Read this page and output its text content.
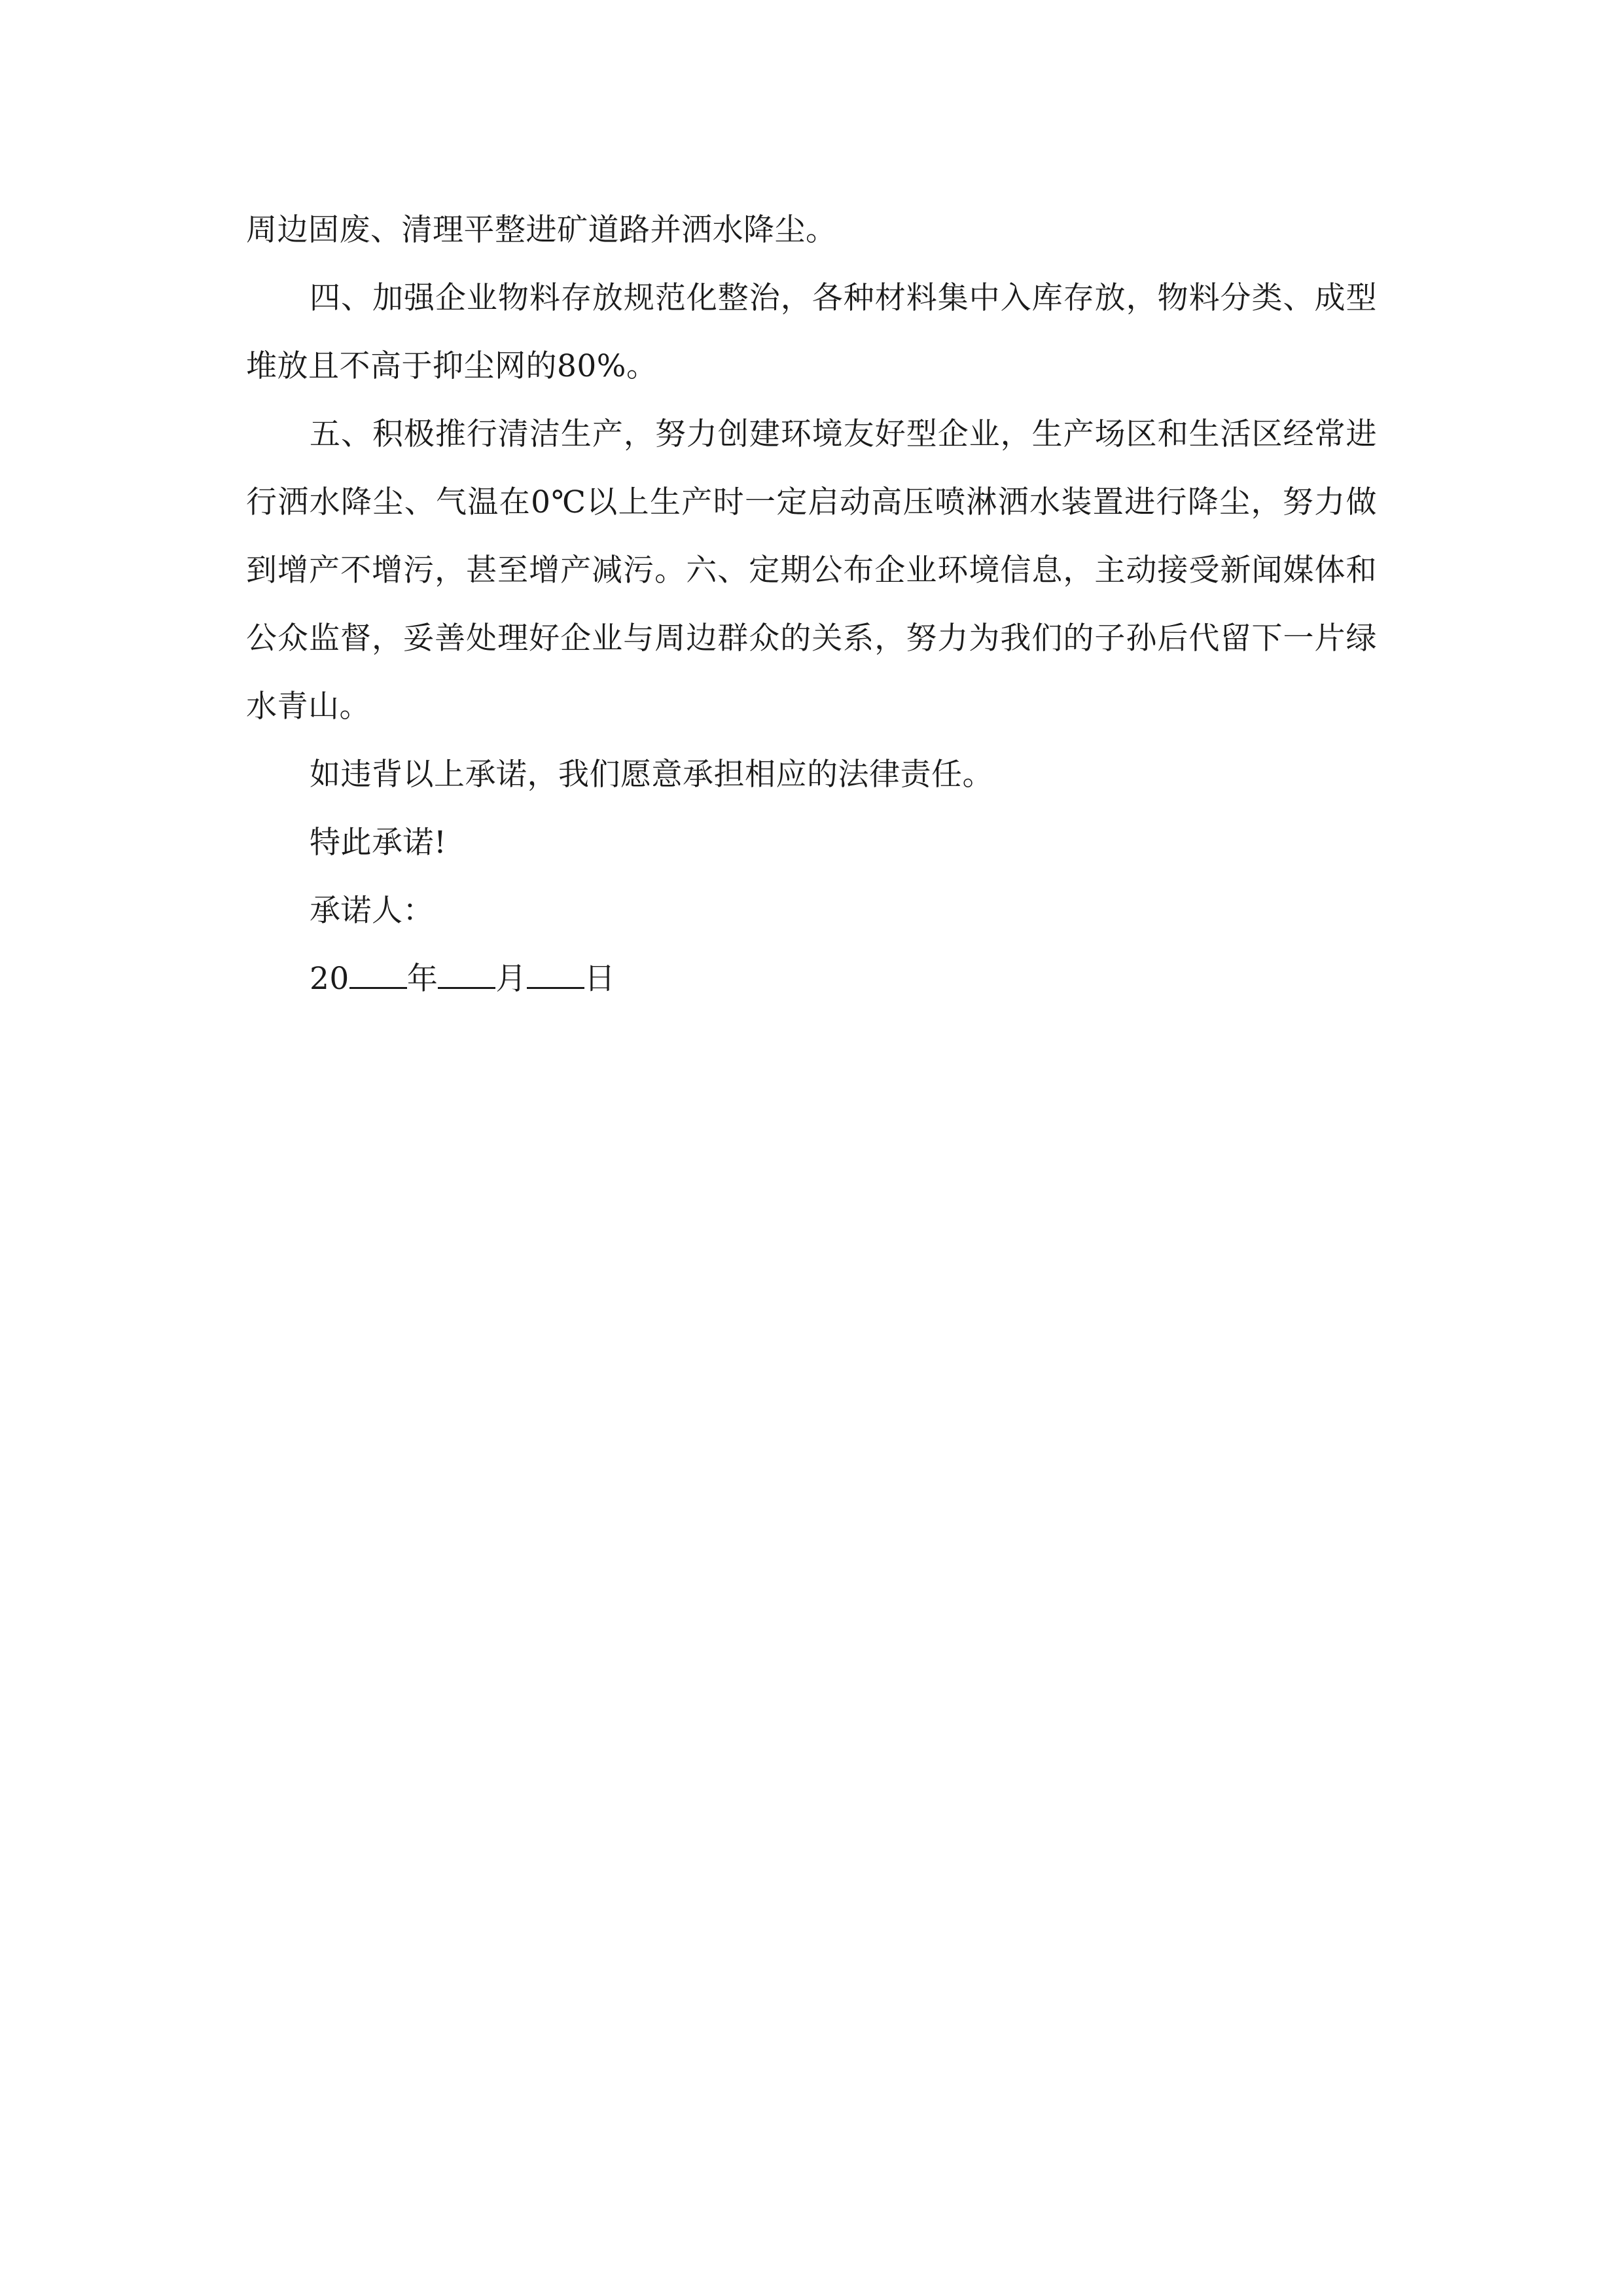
周边固废、清理平整进矿道路并洒水降尘。

四、加强企业物料存放规范化整治，各种材料集中入库存放，物料分类、成型堆放且不高于抑尘网的80%。

五、积极推行清洁生产，努力创建环境友好型企业，生产场区和生活区经常进行洒水降尘、气温在0℃以上生产时一定启动高压喷淋洒水装置进行降尘，努力做到增产不增污，甚至增产减污。六、定期公布企业环境信息，主动接受新闻媒体和公众监督，妥善处理好企业与周边群众的关系，努力为我们的子孙后代留下一片绿水青山。

如违背以上承诺，我们愿意承担相应的法律责任。

特此承诺!

承诺人：

20 年 月 日
